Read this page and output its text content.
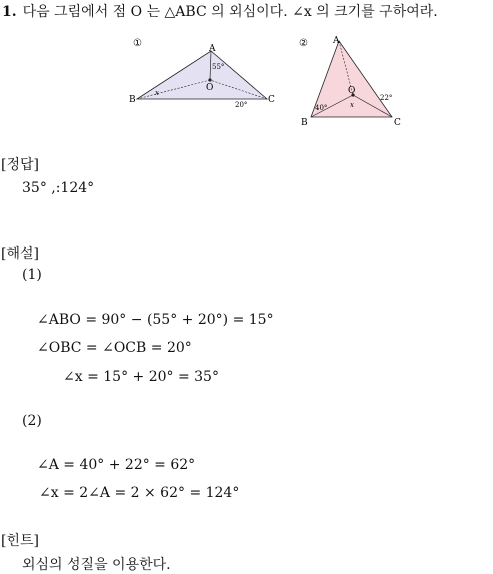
1. 다음 그림에서 점 O 는 △ABC 의 외심이다. ∠x 의 크기를 구하여라.
①	A
B	C
O
55°
20°
x
②	A
B	C
O
40°
22°
x
[정답]
35° ,:124°
[해설]
(1)
∠ABO = 90° − (55° + 20°) = 15°
∠OBC = ∠OCB = 20°
∠x = 15° + 20° = 35°
(2)
∠A = 40° + 22° = 62°
∠x = 2∠A = 2 × 62° = 124°
[힌트]
외심의 성질을 이용한다.
